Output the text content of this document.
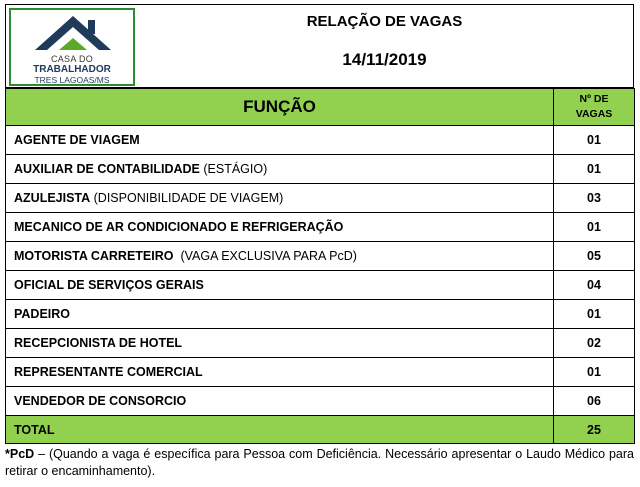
CASA DO
TRABALHADOR
TRES LAGOAS/MS
RELAÇÃO DE VAGAS
14/11/2019
FUNÇÃO	Nº DE
VAGAS

AGENTE DE VIAGEM	01
AUXILIAR DE CONTABILIDADE (ESTÁGIO)	01
AZULEJISTA (DISPONIBILIDADE DE VIAGEM)	03
MECANICO DE AR CONDICIONADO E REFRIGERAÇÃO	01
MOTORISTA CARRETEIRO  (VAGA EXCLUSIVA PARA PcD)	05
OFICIAL DE SERVIÇOS GERAIS	04
PADEIRO	01
RECEPCIONISTA DE HOTEL	02
REPRESENTANTE COMERCIAL	01
VENDEDOR DE CONSORCIO	06
TOTAL	25
*PcD – (Quando a vaga é específica para Pessoa com Deficiência. Necessário apresentar o Laudo Médico para retirar o encaminhamento).
